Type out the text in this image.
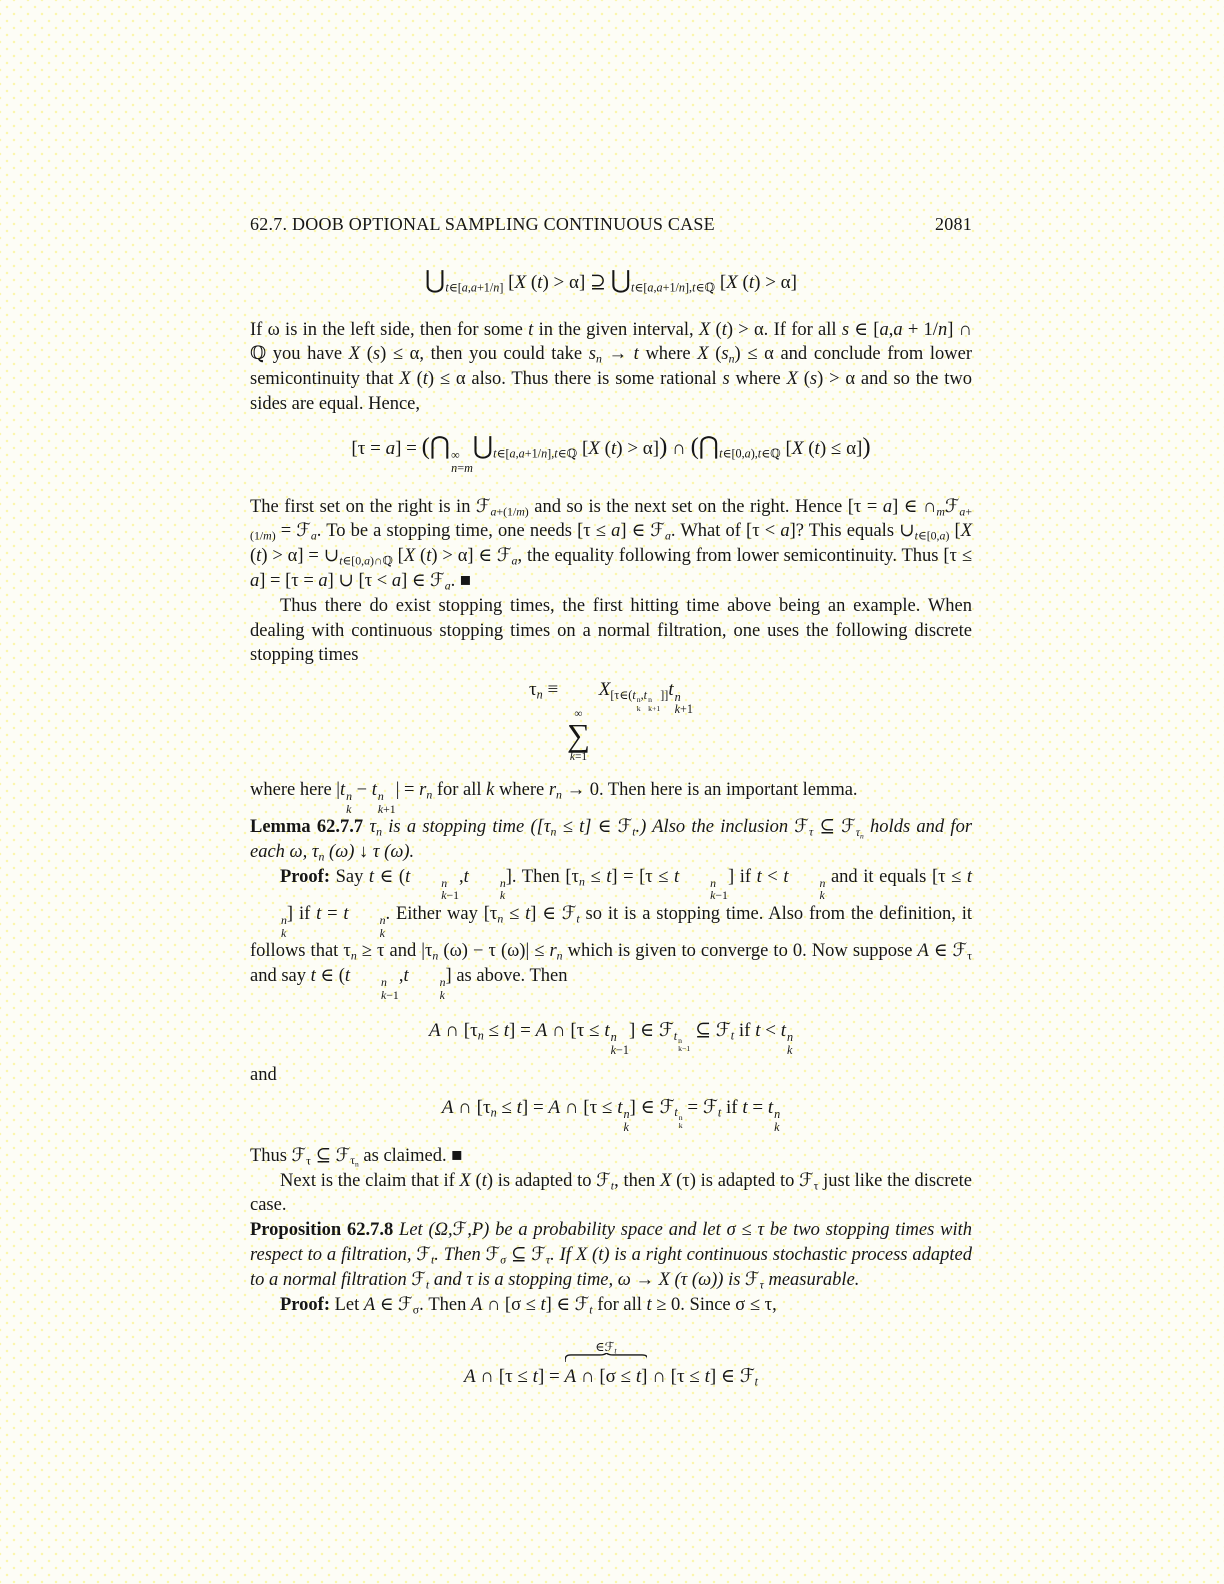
62.7. DOOB OPTIONAL SAMPLING CONTINUOUS CASE	2081
$⋃_{t\in[a,a+1/n]}$ [X (t) > α] ⊇ $⋃_{t\in[a,a+1/n],t\in ℚ}$ [X (t) > α]

If ω is in the left side, then for some t in the given interval, X (t) > α. If for all s ∈ [a,a + 1/n] ∩ ℚ you have X (s) ≤ α, then you could take $s_n \to t$ where X $(s_n) \le \alpha$ and conclude from lower semicontinuity that X (t) ≤ α also. Thus there is some rational s where X (s) > α and so the two sides are equal. Hence,

[τ = a] = (⋂ ∞
n=m
$⋃_{t\in[a,a+1/n],t\in ℚ}$ [X (t) > α]) ∩ ($⋂_{t\in[0,a),t\in ℚ}$ [X (t) ≤ α])

The first set on the right is in ℱ$_{a+(1/m)}$ and so is the next set on the right. Hence [τ = a] ∈ $\cap_mℱ_{a+(1/m)}$ = ℱ$_a$. To be a stopping time, one needs [τ ≤ a] ∈ ℱ$_a$. What of [τ < a]? This equals $\cup_{t\in[0,a)}$ [X $(t) > \alpha] = \cup_{t\in[0,a)\cap ℚ}$ [X (t) > α] ∈ ℱ$_a$, the equality following from lower semicontinuity. Thus [τ ≤ a] = [τ = a] ∪ [τ < a] ∈ ℱ$_a$. ■

Thus there do exist stopping times, the first hitting time above being an example. When dealing with continuous stopping times on a normal filtration, one uses the following discrete stopping times

$\tau_n$ ≡
∞
∑
k=1
$X_{[\tau\in(t n k ,t n k+1 ]]}t$ n
k+1

where here |t n
k
− t n
k+1
| = $r_n$ for all k where $r_n \to 0$. Then here is an important lemma.

Lemma 62.7.7 $\tau_n$ is a stopping time ($[\tau_n \le t]$ ∈ ℱ$_t$.) Also the inclusion ℱ$_\tau$ ⊆ ℱ$_{\tau_n}$ holds and for each ω, $\tau_n$ (ω) ↓ τ (ω).

Proof: Say t ∈ (t	n
k−1
,t	n
k
]. Then $[\tau_n \le t] = [\tau \le t$	n
k−1
] if t < t	n
k
and it equals [τ ≤ t
n
k
] if t = t	n
k
. Either way $[\tau_n \le t]$ ∈ ℱ$_t$ so it is a stopping time. Also from the definition, it follows that $\tau_n \ge \tau$ and $|\tau_n$ (ω) − τ $(\omega)| \le r_n$ which is given to converge to 0. Now suppose A ∈ ℱ$_\tau$ and say t ∈ (t	n
k−1
,t	n
k
] as above. Then

A ∩ $[\tau_n \le t] = A$ ∩ [τ ≤ t n
k−1
] ∈ ℱ$_{t n k-1}$
⊆ ℱ$_t$ if t < t n
k

and

A ∩ $[\tau_n \le t] = A$ ∩ [τ ≤ t n
k
] ∈ ℱ$_{t n k}$
= ℱ$_t$ if t = t n
k

Thus ℱ$_\tau$ ⊆ ℱ$_{\tau_n}$ as claimed. ■

Next is the claim that if X (t) is adapted to ℱ$_t$, then X (τ) is adapted to ℱ$_\tau$ just like the discrete case.

Proposition 62.7.8 Let (Ω,ℱ,P) be a probability space and let σ ≤ τ be two stopping times with respect to a filtration, ℱ$_t$. Then ℱ$_\sigma$ ⊆ ℱ$_\tau$. If X (t) is a right continuous stochastic process adapted to a normal filtration ℱ$_t$ and τ is a stopping time, ω → X (τ (ω)) is ℱ$_\tau$ measurable.

Proof: Let A ∈ ℱ$_\sigma$. Then A ∩ [σ ≤ t] ∈ ℱ$_t$ for all t ≥ 0. Since σ ≤ τ,

A ∩ [τ ≤ t] =
∈ℱ$_t$
A ∩ [σ ≤ t] ∩ [τ ≤ t] ∈ ℱ$_t$
